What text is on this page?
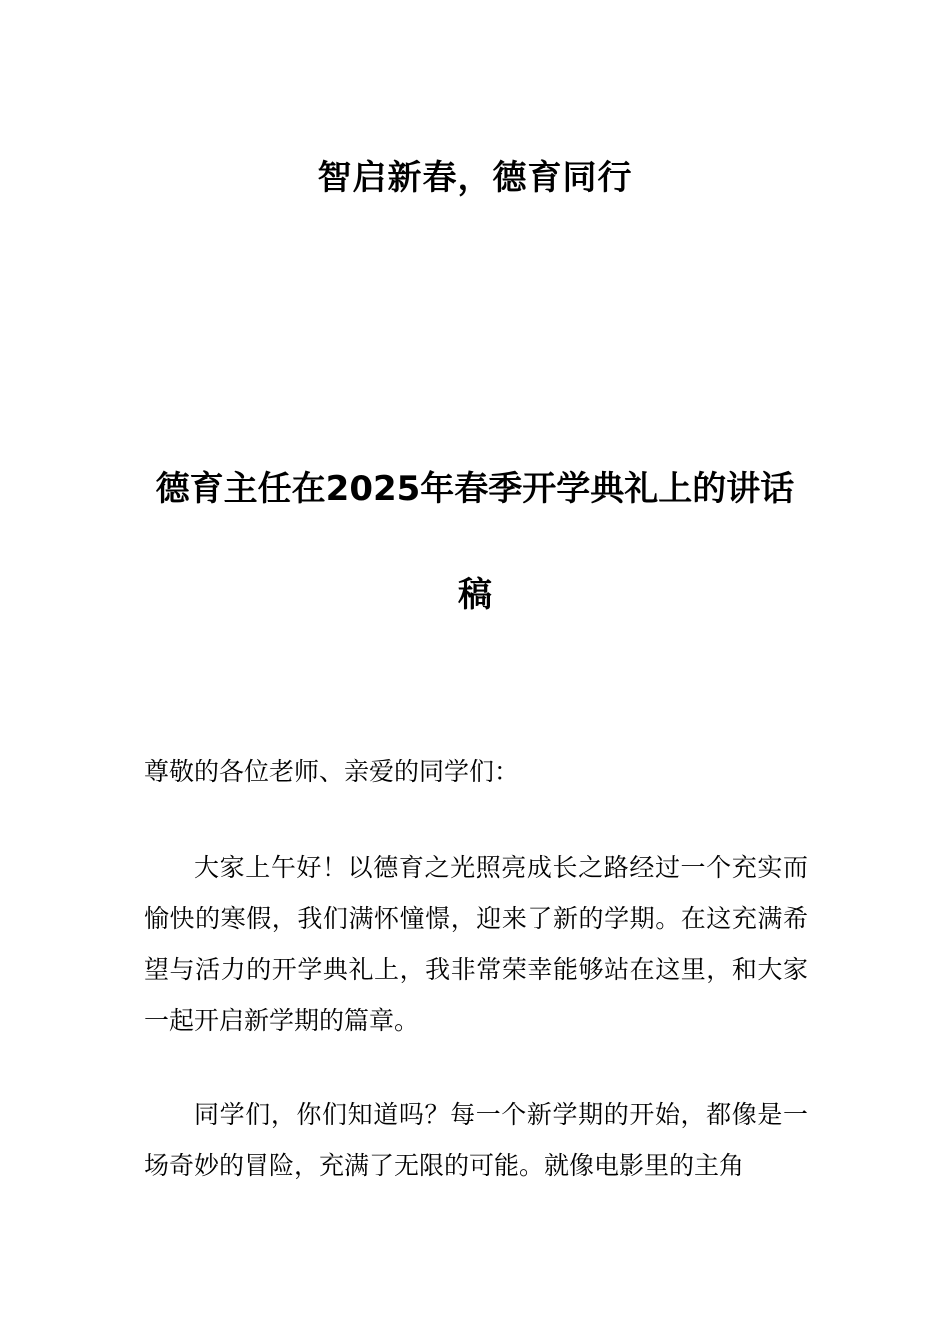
智启新春，德育同行
德育主任在2025年春季开学典礼上的讲话稿
尊敬的各位老师、亲爱的同学们：
大家上午好！以德育之光照亮成长之路经过一个充实而愉快的寒假，我们满怀憧憬，迎来了新的学期。在这充满希望与活力的开学典礼上，我非常荣幸能够站在这里，和大家一起开启新学期的篇章。
同学们，你们知道吗？每一个新学期的开始，都像是一场奇妙的冒险，充满了无限的可能。就像电影里的主角
